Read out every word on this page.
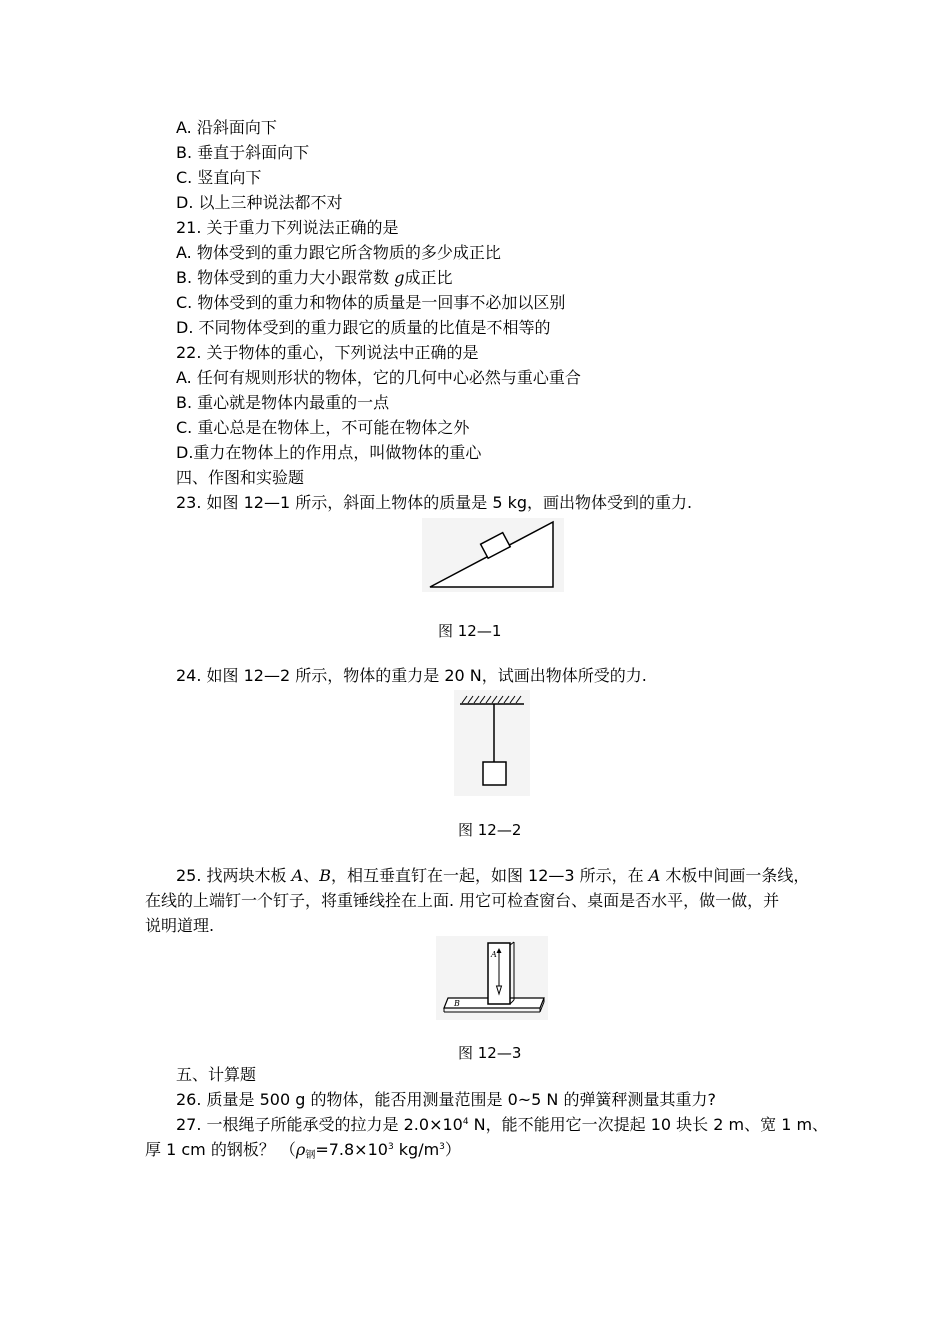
A. 沿斜面向下
B. 垂直于斜面向下
C. 竖直向下
D. 以上三种说法都不对
21. 关于重力下列说法正确的是
A. 物体受到的重力跟它所含物质的多少成正比
B. 物体受到的重力大小跟常数 g成正比
C. 物体受到的重力和物体的质量是一回事不必加以区别
D. 不同物体受到的重力跟它的质量的比值是不相等的
22. 关于物体的重心，下列说法中正确的是
A. 任何有规则形状的物体，它的几何中心必然与重心重合
B. 重心就是物体内最重的一点
C. 重心总是在物体上，不可能在物体之外
D.重力在物体上的作用点，叫做物体的重心
四、作图和实验题
23. 如图 12—1 所示，斜面上物体的质量是 5 kg，画出物体受到的重力.
图 12—1
24. 如图 12—2 所示，物体的重力是 20 N，试画出物体所受的力.
图 12—2
25. 找两块木板 A、B，相互垂直钉在一起，如图 12—3 所示，在 A 木板中间画一条线，
在线的上端钉一个钉子，将重锤线拴在上面. 用它可检查窗台、桌面是否水平，做一做，并
说明道理.
A
B
图 12—3
五、计算题
26. 质量是 500 g 的物体，能否用测量范围是 0~5 N 的弹簧秤测量其重力?
27. 一根绳子所能承受的拉力是 $2.0\times 10^4$ N，能不能用它一次提起 10 块长 2 m、宽 1 m、
厚 1 cm 的钢板？ （$\rho_钢=7.8\times 10^3$ $kg/m^3$）
